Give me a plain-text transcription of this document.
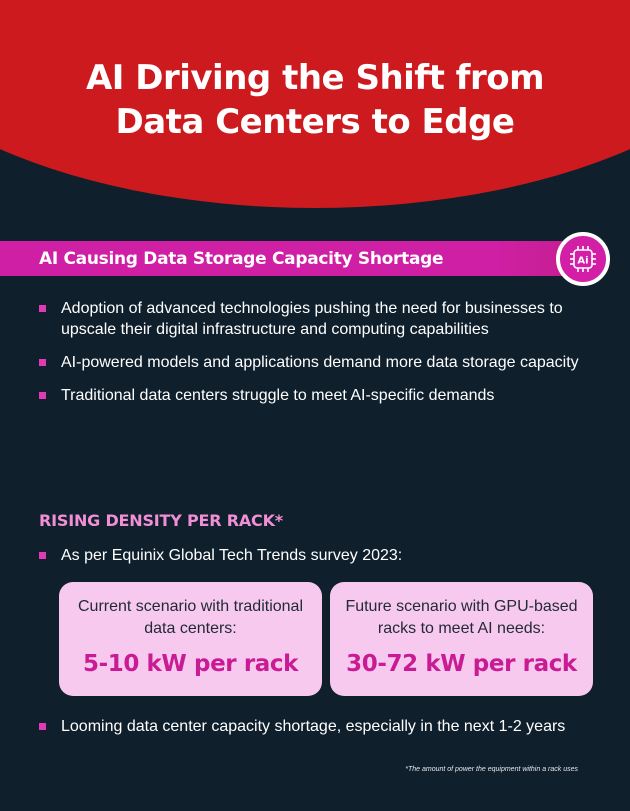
AI Driving the Shift from
Data Centers to Edge
AI Causing Data Storage Capacity Shortage	Ai
Adoption of advanced technologies pushing the need for businesses to upscale their digital infrastructure and computing capabilities
AI-powered models and applications demand more data storage capacity
Traditional data centers struggle to meet AI-specific demands
RISING DENSITY PER RACK*
As per Equinix Global Tech Trends survey 2023:
Current scenario with traditional data centers:
5-10 kW per rack
Future scenario with GPU-based racks to meet AI needs:
30-72 kW per rack
Looming data center capacity shortage, especially in the next 1-2 years
*The amount of power the equipment within a rack uses
